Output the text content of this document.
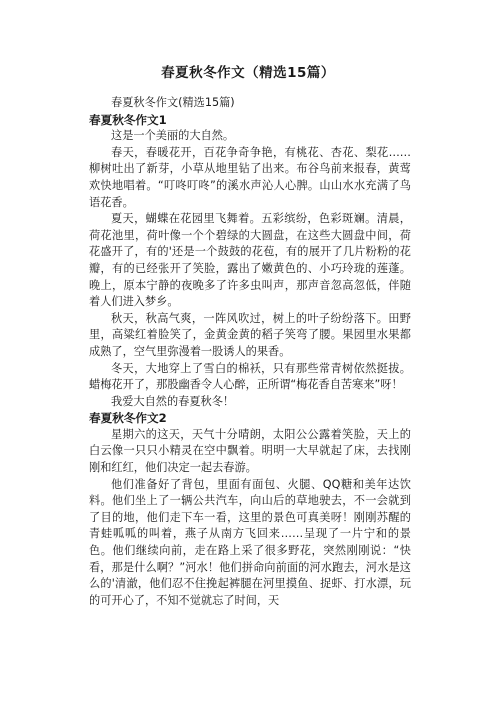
春夏秋冬作文（精选15篇）

春夏秋冬作文(精选15篇)

春夏秋冬作文1

这是一个美丽的大自然。

春天，春暖花开，百花争奇争艳，有桃花、杏花、梨花……柳树吐出了新芽，小草从地里钻了出来。布谷鸟前来报春，黄莺欢快地唱着。“叮咚叮咚”的溪水声沁人心脾。山山水水充满了鸟语花香。

夏天，蝴蝶在花园里飞舞着。五彩缤纷，色彩斑斓。清晨，荷花池里，荷叶像一个个碧绿的大圆盘，在这些大圆盘中间，荷花盛开了，有的'还是一个鼓鼓的花苞，有的展开了几片粉粉的花瓣，有的已经张开了笑脸，露出了嫩黄色的、小巧玲珑的莲蓬。晚上，原本宁静的夜晚多了许多虫叫声，那声音忽高忽低，伴随着人们进入梦乡。

秋天，秋高气爽，一阵风吹过，树上的叶子纷纷落下。田野里，高粱红着脸笑了，金黄金黄的稻子笑弯了腰。果园里水果都成熟了，空气里弥漫着一股诱人的果香。

冬天，大地穿上了雪白的棉袄，只有那些常青树依然挺拔。蜡梅花开了，那股幽香令人心醉，正所谓“梅花香自苦寒来”呀！

我爱大自然的春夏秋冬！

春夏秋冬作文2

星期六的这天，天气十分晴朗，太阳公公露着笑脸，天上的白云像一只只小精灵在空中飘着。明明一大早就起了床，去找刚刚和红红，他们决定一起去春游。

他们准备好了背包，里面有面包、火腿、QQ糖和美年达饮料。他们坐上了一辆公共汽车，向山后的草地驶去，不一会就到了目的地，他们走下车一看，这里的景色可真美呀！刚刚苏醒的青蛙呱呱的叫着，燕子从南方飞回来……呈现了一片宁和的景色。他们继续向前，走在路上采了很多野花，突然刚刚说：“快看，那是什么啊？”河水！他们拼命向前面的河水跑去，河水是这么的'清澈，他们忍不住挽起裤腿在河里摸鱼、捉虾、打水漂，玩的可开心了，不知不觉就忘了时间，天
